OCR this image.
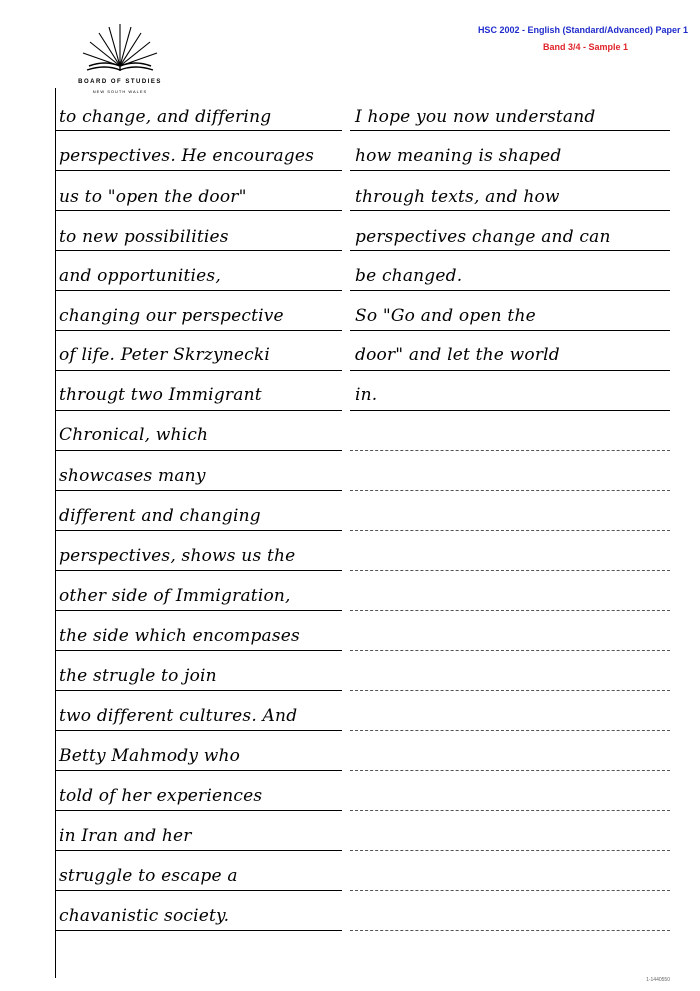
HSC 2002 - English (Standard/Advanced) Paper 1

Band 3/4 - Sample 1

BOARD OF STUDIES
NEW SOUTH WALES

to change, and differing

perspectives. He encourages

us to "open the door"

to new possibilities

and opportunities,

changing our perspective

of life. Peter Skrzynecki

througt two Immigrant

Chronical, which

showcases many

different and changing

perspectives, shows us the

other side of Immigration,

the side which encompases

the strugle to join

two different cultures. And

Betty Mahmody who

told of her experiences

in Iran and her

struggle to escape a

chavanistic society.

I hope you now understand

how meaning is shaped

through texts, and how

perspectives change and can

be changed.

So "Go and open the

door" and let the world

in.

1-1440550
